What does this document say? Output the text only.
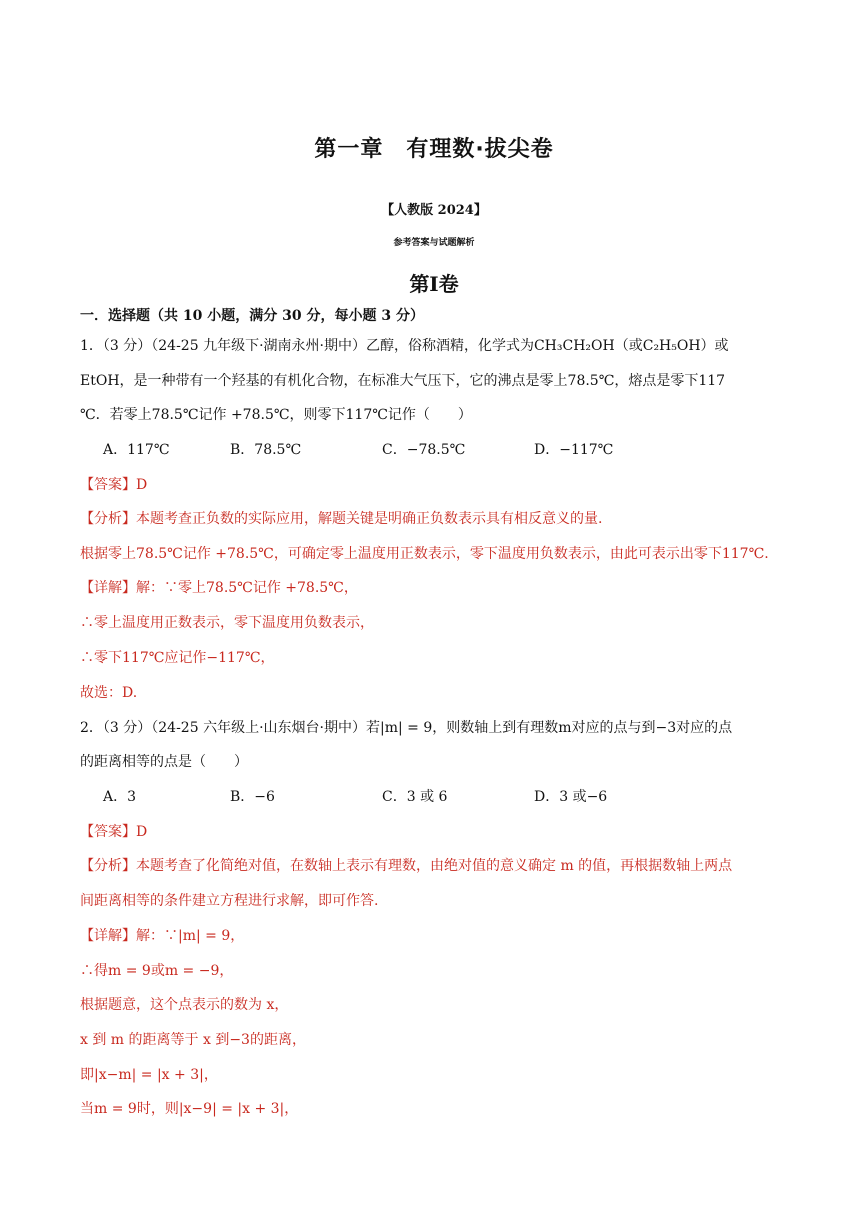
第一章　有理数·拔尖卷
【人教版 2024】
参考答案与试题解析
第Ⅰ卷
一．选择题（共 10 小题，满分 30 分，每小题 3 分）
1．（3 分）（24-25 九年级下·湖南永州·期中）乙醇，俗称酒精，化学式为CH₃CH₂OH（或C₂H₅OH）或
EtOH，是一种带有一个羟基的有机化合物，在标准大气压下，它的沸点是零上78.5℃，熔点是零下117
℃．若零上78.5℃记作 +78.5℃，则零下117℃记作（　　）
A．117℃	B．78.5℃	C．−78.5℃	D．−117℃
【答案】D
【分析】本题考查正负数的实际应用，解题关键是明确正负数表示具有相反意义的量.
根据零上78.5℃记作 +78.5℃，可确定零上温度用正数表示，零下温度用负数表示，由此可表示出零下117℃.
【详解】解：∵零上78.5℃记作 +78.5℃，
∴零上温度用正数表示，零下温度用负数表示，
∴零下117℃应记作−117℃，
故选：D.
2．（3 分）（24-25 六年级上·山东烟台·期中）若|m| = 9，则数轴上到有理数m对应的点与到−3对应的点
的距离相等的点是（　　）
A．3	B．−6	C．3 或 6	D．3 或−6
【答案】D
【分析】本题考查了化简绝对值，在数轴上表示有理数，由绝对值的意义确定 m 的值，再根据数轴上两点
间距离相等的条件建立方程进行求解，即可作答.
【详解】解：∵|m| = 9，
∴得m = 9或m = −9，
根据题意，这个点表示的数为 x，
x 到 m 的距离等于 x 到−3的距离，
即|x−m| = |x + 3|，
当m = 9时，则|x−9| = |x + 3|，
